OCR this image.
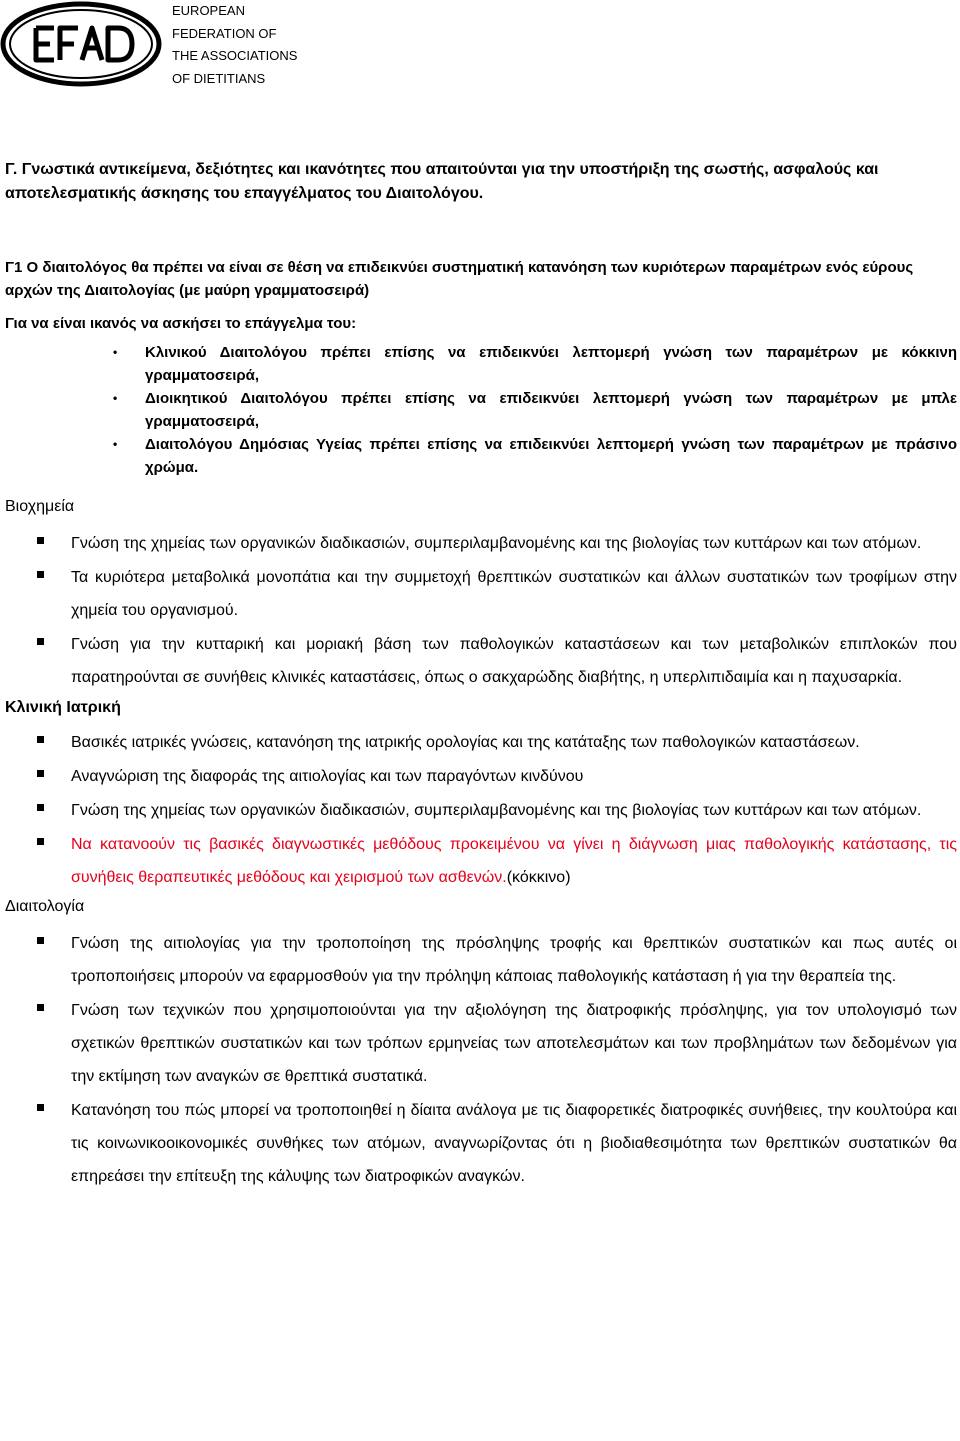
EUROPEAN
FEDERATION OF
THE ASSOCIATIONS
OF DIETITIANS

Γ. Γνωστικά αντικείμενα, δεξιότητες και ικανότητες που απαιτούνται για την υποστήριξη της σωστής, ασφαλούς και αποτελεσματικής άσκησης του επαγγέλματος του Διαιτολόγου.

Γ1 Ο διαιτολόγος θα πρέπει να είναι σε θέση να επιδεικνύει συστηματική κατανόηση των κυριότερων παραμέτρων ενός εύρους αρχών της Διαιτολογίας (με μαύρη γραμματοσειρά)

Για να είναι ικανός να ασκήσει το επάγγελμα του:

• Κλινικού Διαιτολόγου πρέπει επίσης να επιδεικνύει λεπτομερή γνώση των παραμέτρων με κόκκινη γραμματοσειρά,
• Διοικητικού Διαιτολόγου πρέπει επίσης να επιδεικνύει λεπτομερή γνώση των παραμέτρων με μπλε γραμματοσειρά,
• Διαιτολόγου Δημόσιας Υγείας πρέπει επίσης να επιδεικνύει λεπτομερή γνώση των παραμέτρων με πράσινο χρώμα.

Βιοχημεία

Γνώση της χημείας των οργανικών διαδικασιών, συμπεριλαμβανομένης και της βιολογίας των κυττάρων και των ατόμων.
Τα κυριότερα μεταβολικά μονοπάτια και την συμμετοχή θρεπτικών συστατικών και άλλων συστατικών των τροφίμων στην χημεία του οργανισμού.
Γνώση για την κυτταρική και μοριακή βάση των παθολογικών καταστάσεων και των μεταβολικών επιπλοκών που παρατηρούνται σε συνήθεις κλινικές καταστάσεις, όπως ο σακχαρώδης διαβήτης, η υπερλιπιδαιμία και η παχυσαρκία.

Κλινική Ιατρική

Βασικές ιατρικές γνώσεις, κατανόηση της ιατρικής ορολογίας και της κατάταξης των παθολογικών καταστάσεων.
Αναγνώριση της διαφοράς της αιτιολογίας και των παραγόντων κινδύνου
Γνώση της χημείας των οργανικών διαδικασιών, συμπεριλαμβανομένης και της βιολογίας των κυττάρων και των ατόμων.
Να κατανοούν τις βασικές διαγνωστικές μεθόδους προκειμένου να γίνει η διάγνωση μιας παθολογικής κατάστασης, τις συνήθεις θεραπευτικές μεθόδους και χειρισμού των ασθενών.(κόκκινο)

Διαιτολογία

Γνώση της αιτιολογίας για την τροποποίηση της πρόσληψης τροφής και θρεπτικών συστατικών και πως αυτές οι τροποποιήσεις μπορούν να εφαρμοσθούν για την πρόληψη κάποιας παθολογικής κατάσταση ή για την θεραπεία της.
Γνώση των τεχνικών που χρησιμοποιούνται για την αξιολόγηση της διατροφικής πρόσληψης, για τον υπολογισμό των σχετικών θρεπτικών συστατικών και των τρόπων ερμηνείας των αποτελεσμάτων και των προβλημάτων των δεδομένων για την εκτίμηση των αναγκών σε θρεπτικά συστατικά.
Κατανόηση του πώς μπορεί να τροποποιηθεί η δίαιτα ανάλογα με τις διαφορετικές διατροφικές συνήθειες, την κουλτούρα και τις κοινωνικοοικονομικές συνθήκες των ατόμων, αναγνωρίζοντας ότι η βιοδιαθεσιμότητα των θρεπτικών συστατικών θα επηρεάσει την επίτευξη της κάλυψης των διατροφικών αναγκών.
